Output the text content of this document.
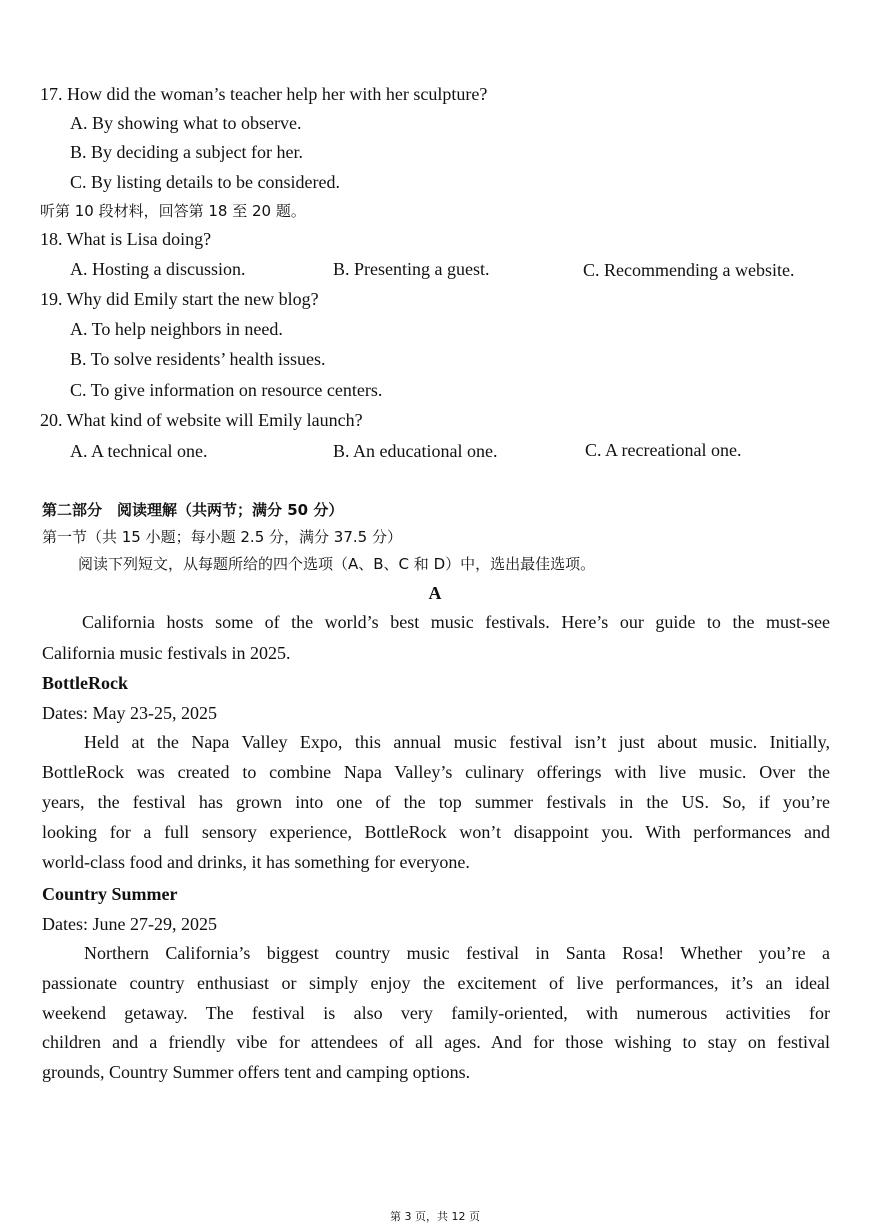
17. How did the woman’s teacher help her with her sculpture?
A. By showing what to observe.
B. By deciding a subject for her.
C. By listing details to be considered.
听第 10 段材料，回答第 18 至 20 题。
18. What is Lisa doing?
A. Hosting a discussion.	B. Presenting a guest.	C. Recommending a website.
19. Why did Emily start the new blog?
A. To help neighbors in need.
B. To solve residents’ health issues.
C. To give information on resource centers.
20. What kind of website will Emily launch?
A. A technical one.	B. An educational one.	C. A recreational one.
第二部分　阅读理解（共两节；满分 50 分）
第一节（共 15 小题；每小题 2.5 分，满分 37.5 分）
阅读下列短文，从每题所给的四个选项（A、B、C 和 D）中，选出最佳选项。
A
California hosts some of the world’s best music festivals. Here’s our guide to the must-see
California music festivals in 2025.
BottleRock
Dates: May 23-25, 2025
Held at the Napa Valley Expo, this annual music festival isn’t just about music. Initially,
BottleRock was created to combine Napa Valley’s culinary offerings with live music. Over the
years, the festival has grown into one of the top summer festivals in the US. So, if you’re
looking for a full sensory experience, BottleRock won’t disappoint you. With performances and
world-class food and drinks, it has something for everyone.
Country Summer
Dates: June 27-29, 2025
Northern California’s biggest country music festival in Santa Rosa! Whether you’re a
passionate country enthusiast or simply enjoy the excitement of live performances, it’s an ideal
weekend getaway. The festival is also very family-oriented, with numerous activities for
children and a friendly vibe for attendees of all ages. And for those wishing to stay on festival
grounds, Country Summer offers tent and camping options.
第 3 页，共 12 页
